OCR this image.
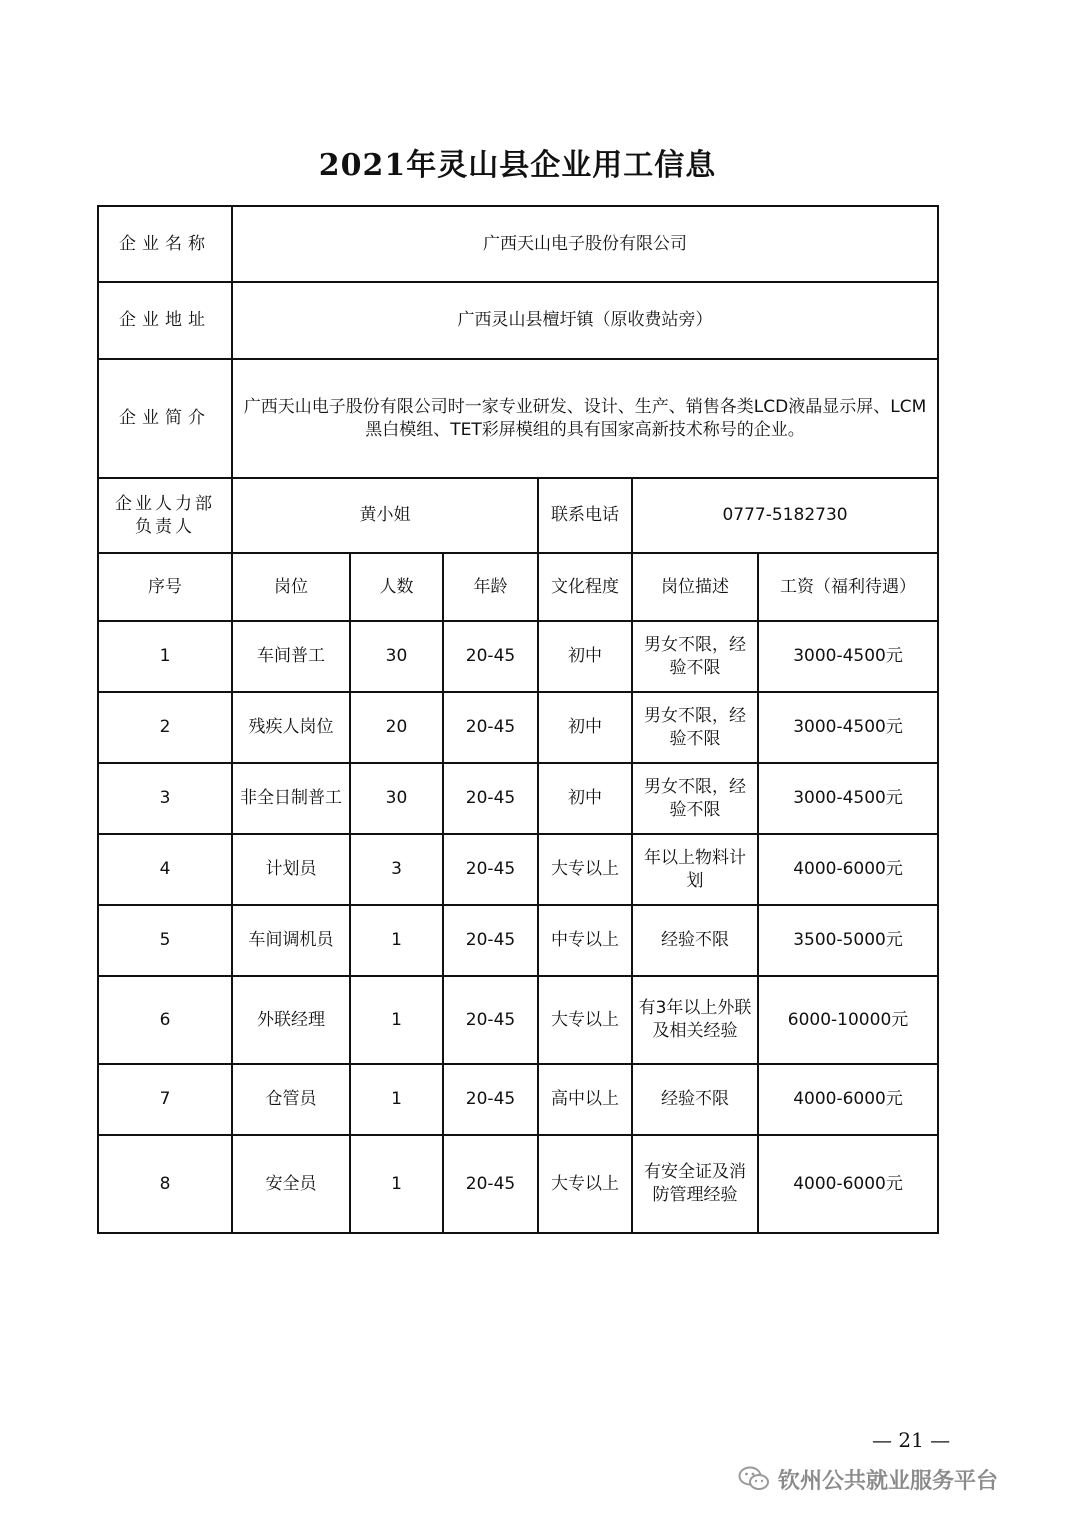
2021年灵山县企业用工信息
企业名称	广西天山电子股份有限公司					
企业地址	广西灵山县檀圩镇（原收费站旁）					
企业简介	广西天山电子股份有限公司时一家专业研发、设计、生产、销售各类LCD液晶显示屏、LCM黑白模组、TET彩屏模组的具有国家高新技术称号的企业。					

企业人力部
负责人	黄小姐			联系电话	0777-5182730	
序号	岗位	人数	年龄	文化程度	岗位描述	工资（福利待遇）
1	车间普工	30	20-45	初中	男女不限，经验不限	3000-4500元
2	残疾人岗位	20	20-45	初中	男女不限，经验不限	3000-4500元
3	非全日制普工	30	20-45	初中	男女不限，经验不限	3000-4500元
4	计划员	3	20-45	大专以上	年以上物料计划	4000-6000元
5	车间调机员	1	20-45	中专以上	经验不限	3500-5000元
6	外联经理	1	20-45	大专以上	有3年以上外联及相关经验	6000-10000元
7	仓管员	1	20-45	高中以上	经验不限	4000-6000元
8	安全员	1	20-45	大专以上	有安全证及消防管理经验	4000-6000元
— 21 —
钦州公共就业服务平台
